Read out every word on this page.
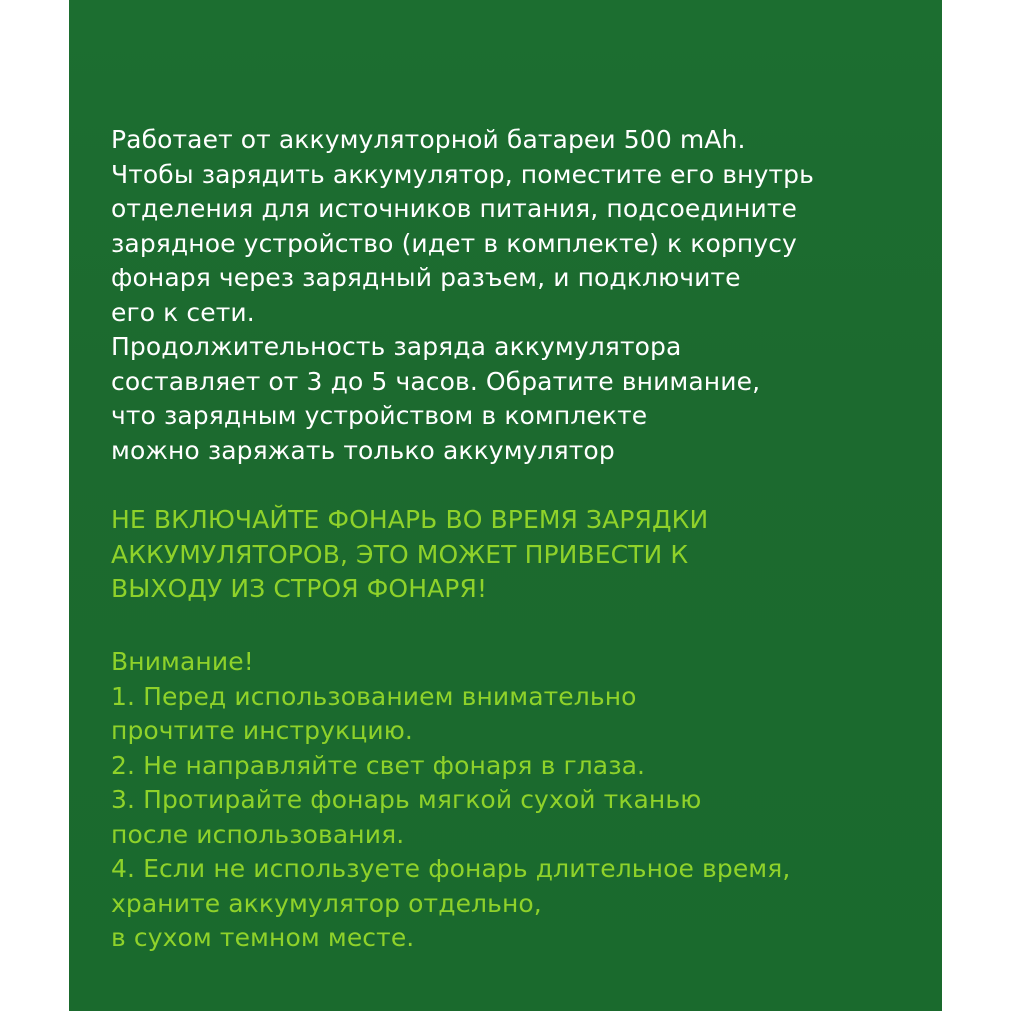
Работает от аккумуляторной батареи 500 mAh.
Чтобы зарядить аккумулятор, поместите его внутрь
отделения для источников питания, подсоедините
зарядное устройство (идет в комплекте) к корпусу
фонаря через зарядный разъем, и подключите
его к сети.
Продолжительность заряда аккумулятора
составляет от 3 до 5 часов. Обратите внимание,
что зарядным устройством в комплекте
можно заряжать только аккумулятор
НЕ ВКЛЮЧАЙТЕ ФОНАРЬ ВО ВРЕМЯ ЗАРЯДКИ
АККУМУЛЯТОРОВ, ЭТО МОЖЕТ ПРИВЕСТИ К
ВЫХОДУ ИЗ СТРОЯ ФОНАРЯ!
Внимание!
1. Перед использованием внимательно
прочтите инструкцию.
2. Не направляйте свет фонаря в глаза.
3. Протирайте фонарь мягкой сухой тканью
после использования.
4. Если не используете фонарь длительное время,
храните аккумулятор отдельно,
в сухом темном месте.
